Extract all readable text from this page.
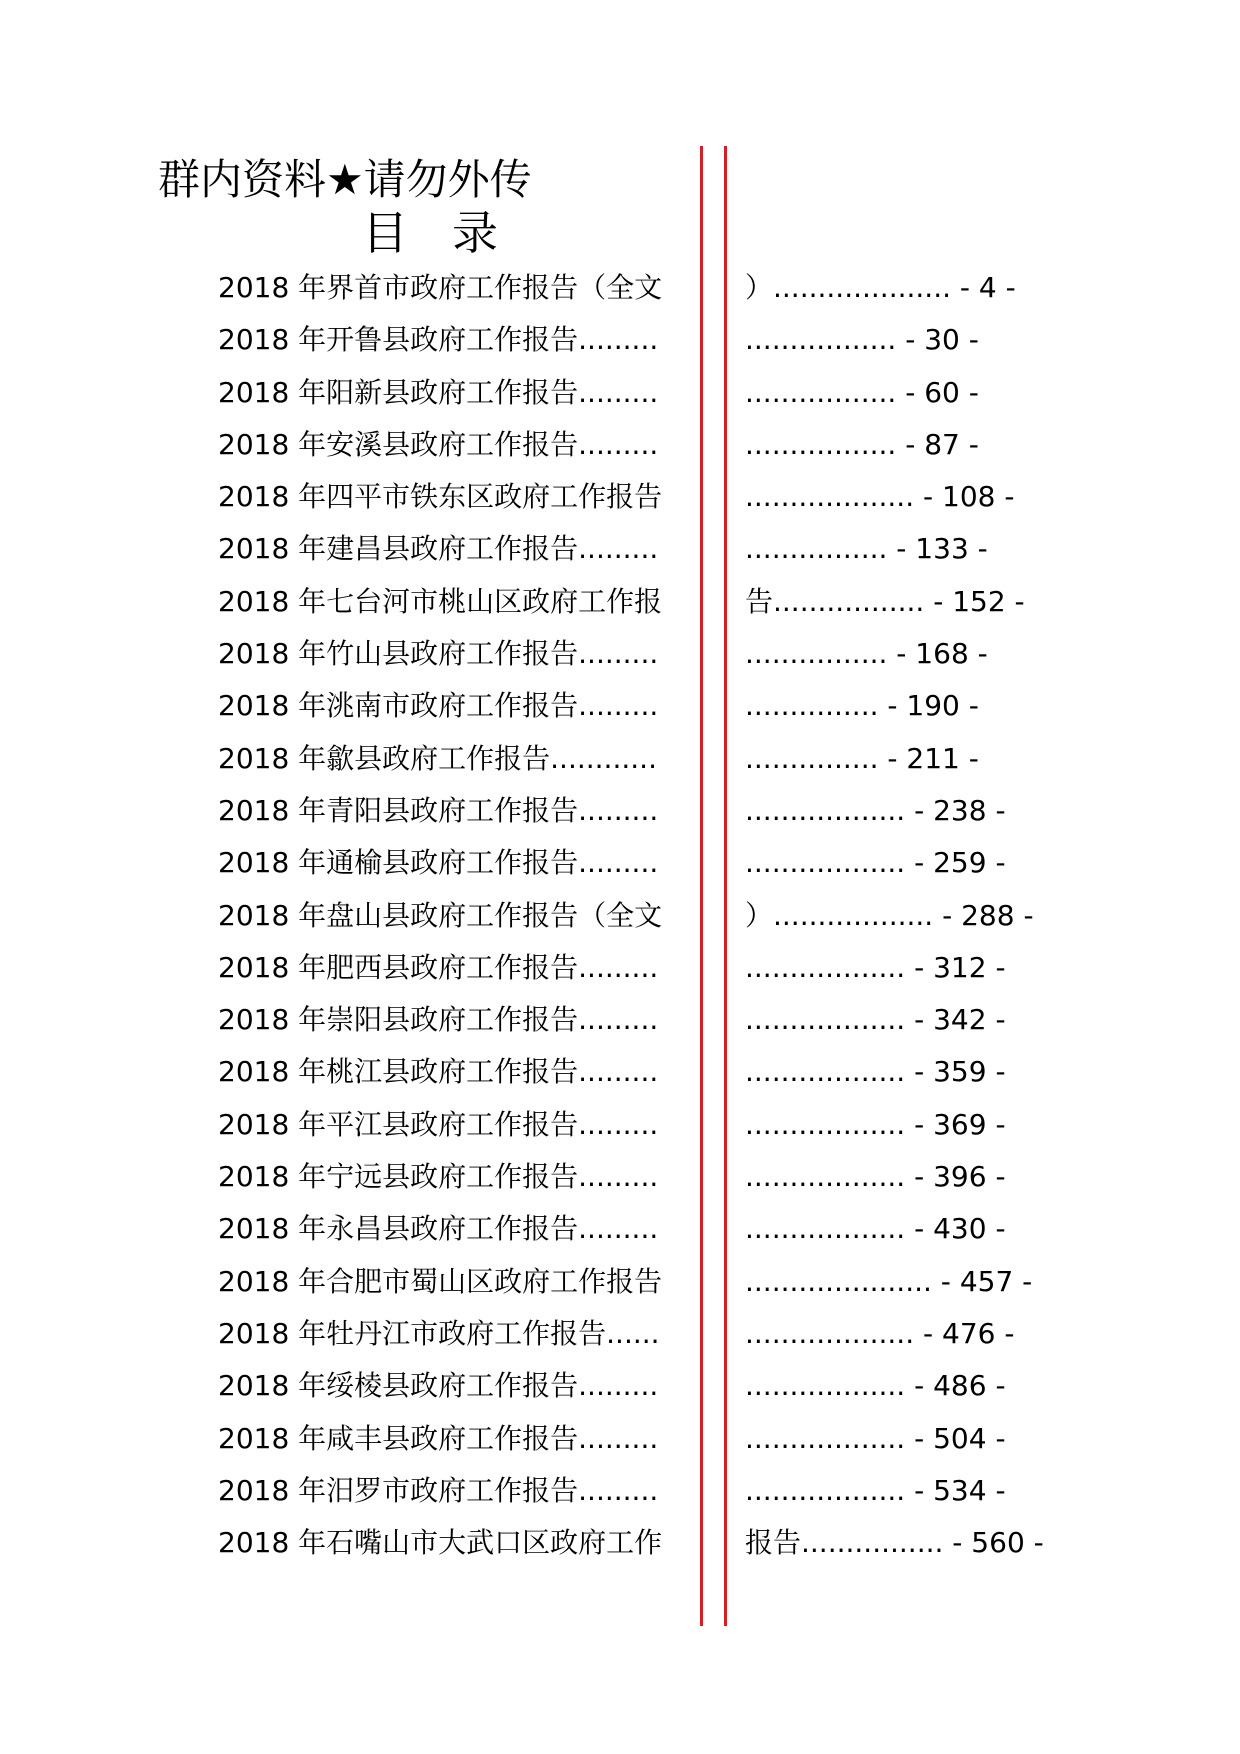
群内资料★请勿外传
目录
2018 年界首市政府工作报告（全文	）.................... - 4 -
2018 年开鲁县政府工作报告.........	................. - 30 -
2018 年阳新县政府工作报告.........	................. - 60 -
2018 年安溪县政府工作报告.........	................. - 87 -
2018 年四平市铁东区政府工作报告	................... - 108 -
2018 年建昌县政府工作报告.........	................ - 133 -
2018 年七台河市桃山区政府工作报	告................. - 152 -
2018 年竹山县政府工作报告.........	................ - 168 -
2018 年洮南市政府工作报告.........	............... - 190 -
2018 年歙县政府工作报告............	............... - 211 -
2018 年青阳县政府工作报告.........	.................. - 238 -
2018 年通榆县政府工作报告.........	.................. - 259 -
2018 年盘山县政府工作报告（全文	）.................. - 288 -
2018 年肥西县政府工作报告.........	.................. - 312 -
2018 年崇阳县政府工作报告.........	.................. - 342 -
2018 年桃江县政府工作报告.........	.................. - 359 -
2018 年平江县政府工作报告.........	.................. - 369 -
2018 年宁远县政府工作报告.........	.................. - 396 -
2018 年永昌县政府工作报告.........	.................. - 430 -
2018 年合肥市蜀山区政府工作报告	..................... - 457 -
2018 年牡丹江市政府工作报告......	................... - 476 -
2018 年绥棱县政府工作报告.........	.................. - 486 -
2018 年咸丰县政府工作报告.........	.................. - 504 -
2018 年汨罗市政府工作报告.........	.................. - 534 -
2018 年石嘴山市大武口区政府工作	报告................ - 560 -
